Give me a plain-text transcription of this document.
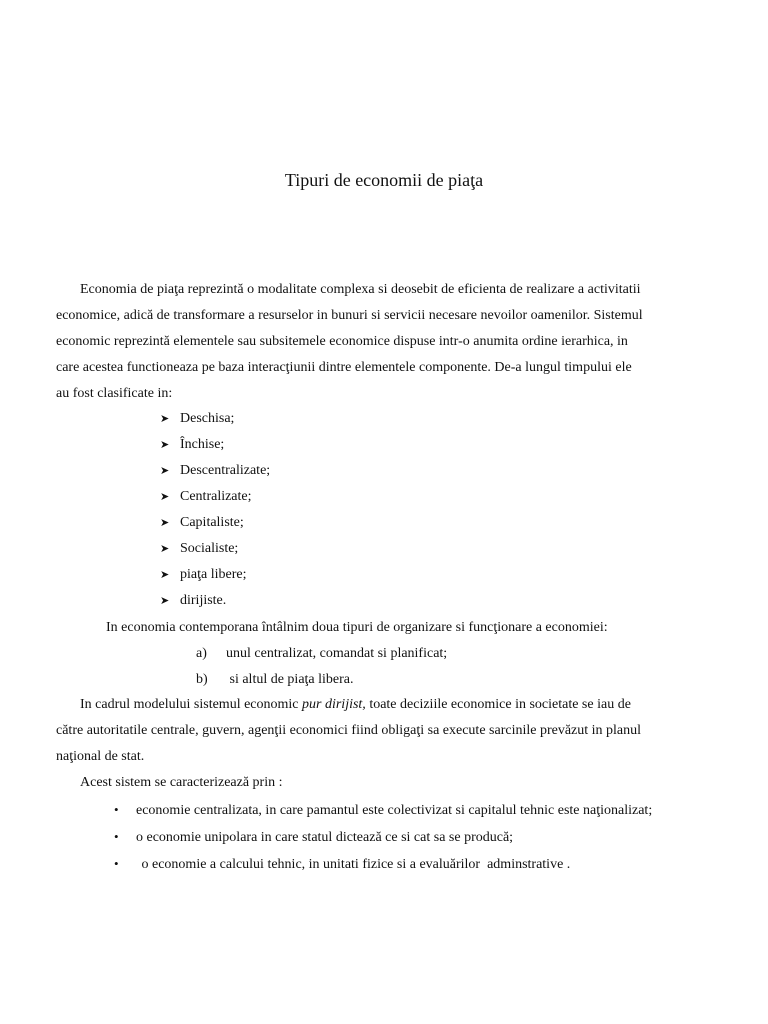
Tipuri de economii de piaţa
Economia de piaţa reprezintă o modalitate complexa si deosebit de eficienta de realizare a activitatii
economice, adică de transformare a resurselor in bunuri si servicii necesare nevoilor oamenilor. Sistemul
economic reprezintă elementele sau subsitemele economice dispuse intr-o anumita ordine ierarhica, in
care acestea functioneaza pe baza interacţiunii dintre elementele componente. De-a lungul timpului ele
au fost clasificate in:
➤ Deschisa;
➤ Închise;
➤ Descentralizate;
➤ Centralizate;
➤ Capitaliste;
➤ Socialiste;
➤ piaţa libere;
➤ dirijiste.
In economia contemporana întâlnim doua tipuri de organizare si funcţionare a economiei:
a) unul centralizat, comandat si planificat;
b) si altul de piaţa libera.
In cadrul modelului sistemul economic pur dirijist, toate deciziile economice in societate se iau de
către autoritatile centrale, guvern, agenţii economici fiind obligaţi sa execute sarcinile prevăzut in planul
naţional de stat.
Acest sistem se caracterizează prin :
• economie centralizata, in care pamantul este colectivizat si capitalul tehnic este naţionalizat;
• o economie unipolara in care statul dictează ce si cat sa se producă;
• o economie a calcului tehnic, in unitati fizice si a evaluărilor  adminstrative .
